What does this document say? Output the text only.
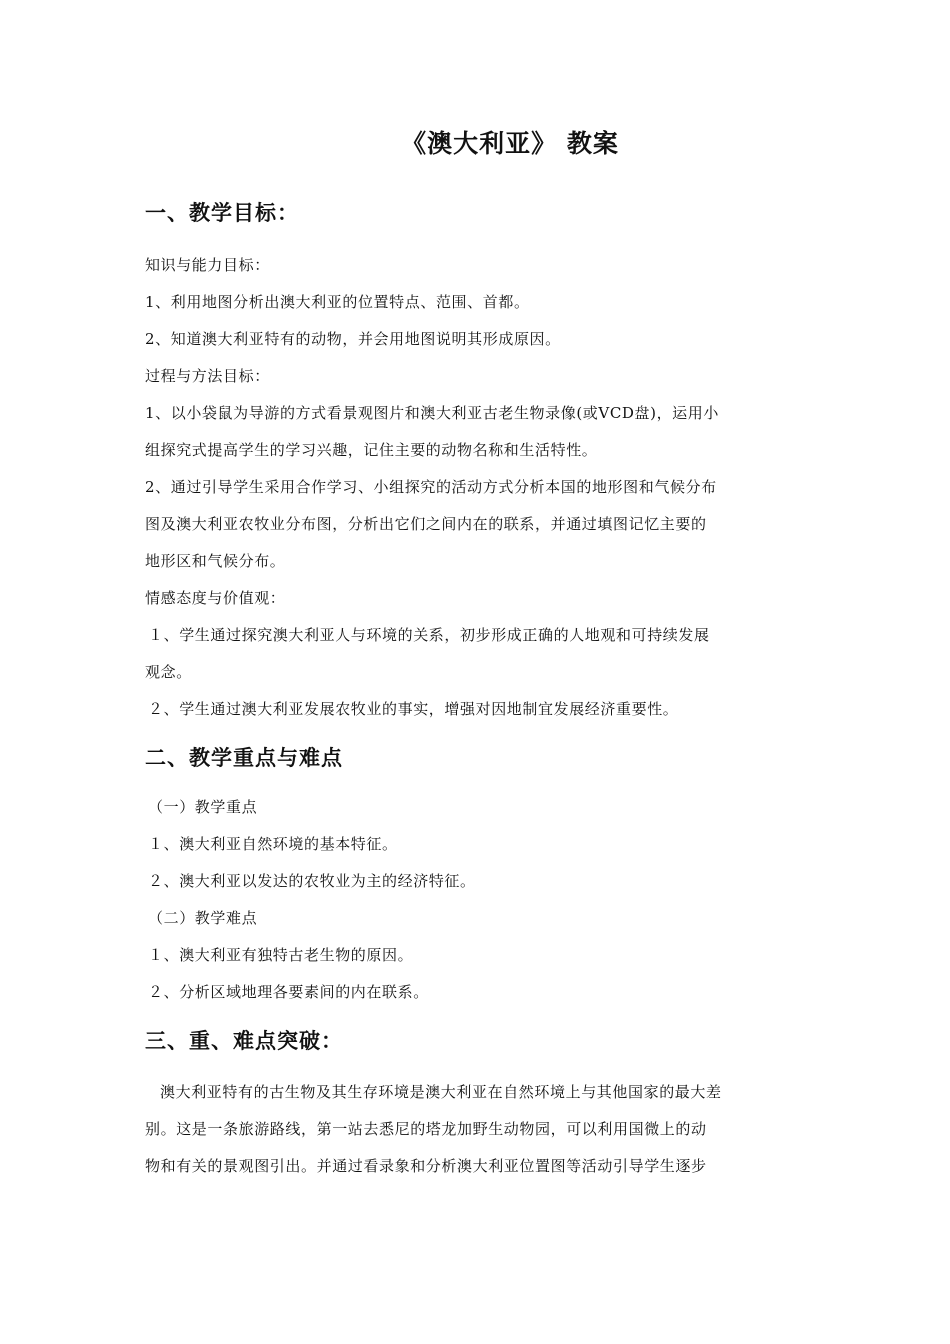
《澳大利亚》 教案
一、教学目标：
知识与能力目标：
1、利用地图分析出澳大利亚的位置特点、范围、首都。
2、知道澳大利亚特有的动物，并会用地图说明其形成原因。
过程与方法目标：
1、以小袋鼠为导游的方式看景观图片和澳大利亚古老生物录像(或VCD盘)，运用小
组探究式提高学生的学习兴趣，记住主要的动物名称和生活特性。
2、通过引导学生采用合作学习、小组探究的活动方式分析本国的地形图和气候分布
图及澳大利亚农牧业分布图，分析出它们之间内在的联系，并通过填图记忆主要的
地形区和气候分布。
情感态度与价值观：
１、学生通过探究澳大利亚人与环境的关系，初步形成正确的人地观和可持续发展
观念。
２、学生通过澳大利亚发展农牧业的事实，增强对因地制宜发展经济重要性。
二、教学重点与难点
（一）教学重点
１、澳大利亚自然环境的基本特征。
２、澳大利亚以发达的农牧业为主的经济特征。
（二）教学难点
１、澳大利亚有独特古老生物的原因。
２、分析区域地理各要素间的内在联系。
三、重、难点突破：
澳大利亚特有的古生物及其生存环境是澳大利亚在自然环境上与其他国家的最大差
别。这是一条旅游路线，第一站去悉尼的塔龙加野生动物园，可以利用国微上的动
物和有关的景观图引出。并通过看录象和分析澳大利亚位置图等活动引导学生逐步
